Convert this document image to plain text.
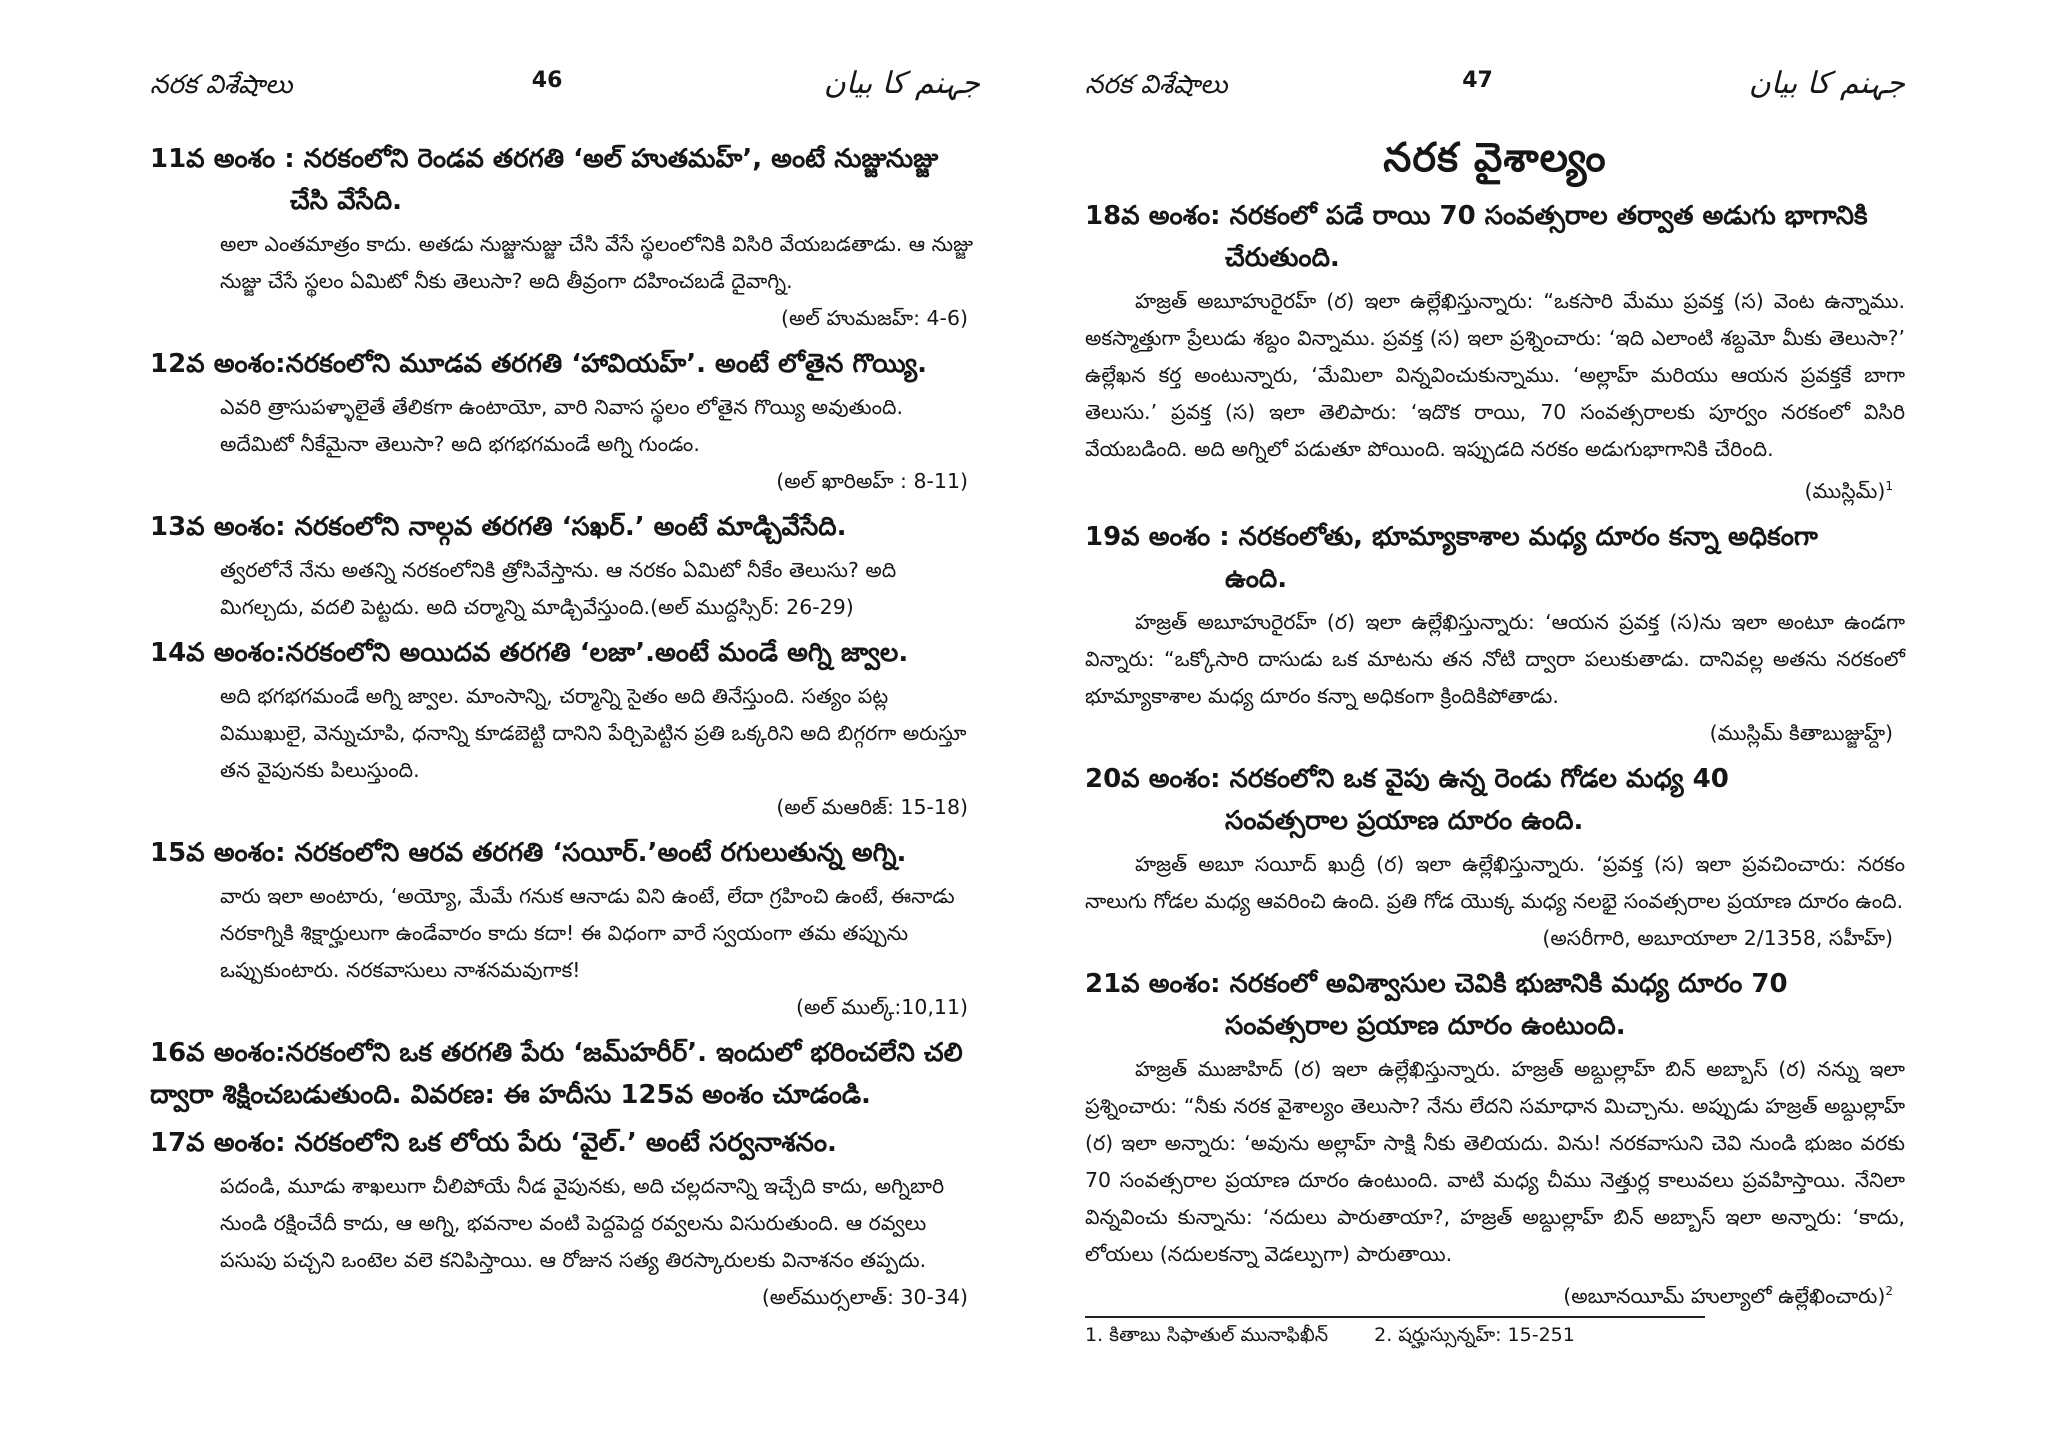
నరక విశేషాలు	46	جہنم کا بیان

11వ అంశం : నరకంలోని రెండవ తరగతి ‘అల్ హుతమహ్’, అంటే నుజ్జునుజ్జు
చేసి వేసేది.

అలా ఎంతమాత్రం కాదు. అతడు నుజ్జునుజ్జు చేసి వేసే స్థలంలోనికి విసిరి వేయబడతాడు. ఆ నుజ్జు నుజ్జు చేసే స్థలం ఏమిటో నీకు తెలుసా? అది తీవ్రంగా దహించబడే దైవాగ్ని.
(అల్ హుమజహ్: 4-6)

12వ అంశం:నరకంలోని మూడవ తరగతి ‘హావియహ్’. అంటే లోతైన గొయ్యి.

ఎవరి త్రాసుపళ్ళాలైతే తేలికగా ఉంటాయో, వారి నివాస స్థలం లోతైన గొయ్యి అవుతుంది. అదేమిటో నీకేమైనా తెలుసా? అది భగభగమండే అగ్ని గుండం.
(అల్ ఖారిఅహ్ : 8-11)

13వ అంశం: నరకంలోని నాల్గవ తరగతి ‘సఖర్.’ అంటే మాడ్చివేసేది.

త్వరలోనే నేను అతన్ని నరకంలోనికి త్రోసివేస్తాను. ఆ నరకం ఏమిటో నీకేం తెలుసు? అది మిగల్చదు, వదలి పెట్టదు. అది చర్మాన్ని మాడ్చివేస్తుంది.(అల్ ముద్దస్సిర్: 26-29)

14వ అంశం:నరకంలోని అయిదవ తరగతి ‘లజా’.అంటే మండే అగ్ని జ్వాల.

అది భగభగమండే అగ్ని జ్వాల. మాంసాన్ని, చర్మాన్ని సైతం అది తినేస్తుంది. సత్యం పట్ల విముఖులై, వెన్నుచూపి, ధనాన్ని కూడబెట్టి దానిని పేర్చిపెట్టిన ప్రతి ఒక్కరిని అది బిగ్గరగా అరుస్తూ తన వైపునకు పిలుస్తుంది.
(అల్ మఆరిజ్: 15-18)

15వ అంశం: నరకంలోని ఆరవ తరగతి ‘సయీర్.’అంటే రగులుతున్న అగ్ని.

వారు ఇలా అంటారు, ‘అయ్యో, మేమే గనుక ఆనాడు విని ఉంటే, లేదా గ్రహించి ఉంటే, ఈనాడు నరకాగ్నికి శిక్షార్హులుగా ఉండేవారం కాదు కదా! ఈ విధంగా వారే స్వయంగా తమ తప్పును ఒప్పుకుంటారు. నరకవాసులు నాశనమవుగాక!
(అల్ ముల్క్:10,11)

16వ అంశం:నరకంలోని ఒక తరగతి పేరు ‘జమ్‌హరీర్’. ఇందులో భరించలేని చలి ద్వారా శిక్షించబడుతుంది. వివరణ: ఈ హదీసు 125వ అంశం చూడండి.

17వ అంశం: నరకంలోని ఒక లోయ పేరు ‘వైల్.’ అంటే సర్వనాశనం.

పదండి, మూడు శాఖలుగా చీలిపోయే నీడ వైపునకు, అది చల్లదనాన్ని ఇచ్చేది కాదు, అగ్నిబారి నుండి రక్షించేదీ కాదు, ఆ అగ్ని, భవనాల వంటి పెద్దపెద్ద రవ్వలను విసురుతుంది. ఆ రవ్వలు పసుపు పచ్చని ఒంటెల వలె కనిపిస్తాయి. ఆ రోజున సత్య తిరస్కారులకు వినాశనం తప్పదు.
(అల్‌ముర్సలాత్: 30-34)

నరక విశేషాలు	47	جہنم کا بیان
నరక వైశాల్యం

18వ అంశం: నరకంలో పడే రాయి 70 సంవత్సరాల తర్వాత అడుగు భాగానికి
చేరుతుంది.

హజ్రత్ అబూహురైరహ్ (ర) ఇలా ఉల్లేఖిస్తున్నారు: “ఒకసారి మేము ప్రవక్త (స) వెంట ఉన్నాము. అకస్మాత్తుగా ప్రేలుడు శబ్దం విన్నాము. ప్రవక్త (స) ఇలా ప్రశ్నించారు: ‘ఇది ఎలాంటి శబ్దమో మీకు తెలుసా?’ ఉల్లేఖన కర్త అంటున్నారు, ‘మేమిలా విన్నవించుకున్నాము. ‘అల్లాహ్ మరియు ఆయన ప్రవక్తకే బాగా తెలుసు.’ ప్రవక్త (స) ఇలా తెలిపారు: ‘ఇదొక రాయి, 70 సంవత్సరాలకు పూర్వం నరకంలో విసిరి వేయబడింది. అది అగ్నిలో పడుతూ పోయింది. ఇప్పుడది నరకం అడుగుభాగానికి చేరింది.
(ముస్లిమ్)$^1$

19వ అంశం : నరకంలోతు, భూమ్యాకాశాల మధ్య దూరం కన్నా అధికంగా
ఉంది.

హజ్రత్ అబూహురైరహ్ (ర) ఇలా ఉల్లేఖిస్తున్నారు: ‘ఆయన ప్రవక్త (స)ను ఇలా అంటూ ఉండగా విన్నారు: “ఒక్కోసారి దాసుడు ఒక మాటను తన నోటి ద్వారా పలుకుతాడు. దానివల్ల అతను నరకంలో భూమ్యాకాశాల మధ్య దూరం కన్నా అధికంగా క్రిందికిపోతాడు.
(ముస్లిమ్ కితాబుజ్జుహ్ద్)

20వ అంశం: నరకంలోని ఒక వైపు ఉన్న రెండు గోడల మధ్య 40
సంవత్సరాల ప్రయాణ దూరం ఉంది.

హజ్రత్ అబూ సయీద్ ఖుద్రీ (ర) ఇలా ఉల్లేఖిస్తున్నారు. ‘ప్రవక్త (స) ఇలా ప్రవచించారు: నరకం నాలుగు గోడల మధ్య ఆవరించి ఉంది. ప్రతి గోడ యొక్క మధ్య నలభై సంవత్సరాల ప్రయాణ దూరం ఉంది.
(అసరీగారి, అబూయాలా 2/1358, సహీహ్)

21వ అంశం: నరకంలో అవిశ్వాసుల చెవికి భుజానికి మధ్య దూరం 70
సంవత్సరాల ప్రయాణ దూరం ఉంటుంది.

హజ్రత్ ముజాహిద్ (ర) ఇలా ఉల్లేఖిస్తున్నారు. హజ్రత్ అబ్దుల్లాహ్ బిన్ అబ్బాస్ (ర) నన్ను ఇలా ప్రశ్నించారు: “నీకు నరక వైశాల్యం తెలుసా? నేను లేదని సమాధాన మిచ్చాను. అప్పుడు హజ్రత్ అబ్దుల్లాహ్ (ర) ఇలా అన్నారు: ‘అవును అల్లాహ్ సాక్షి నీకు తెలియదు. విను! నరకవాసుని చెవి నుండి భుజం వరకు 70 సంవత్సరాల ప్రయాణ దూరం ఉంటుంది. వాటి మధ్య చీము నెత్తుర్ల కాలువలు ప్రవహిస్తాయి. నేనిలా విన్నవించు కున్నాను: ‘నదులు పారుతాయా?, హజ్రత్ అబ్దుల్లాహ్ బిన్ అబ్బాస్ ఇలా అన్నారు: ‘కాదు, లోయలు (నదులకన్నా వెడల్పుగా) పారుతాయి.
(అబూనయీమ్ హుల్యాలో ఉల్లేఖించారు)$^2$

1. కితాబు సిఫాతుల్ మునాఫిఖీన్ 2. షర్హుస్సున్నహ్: 15-251
